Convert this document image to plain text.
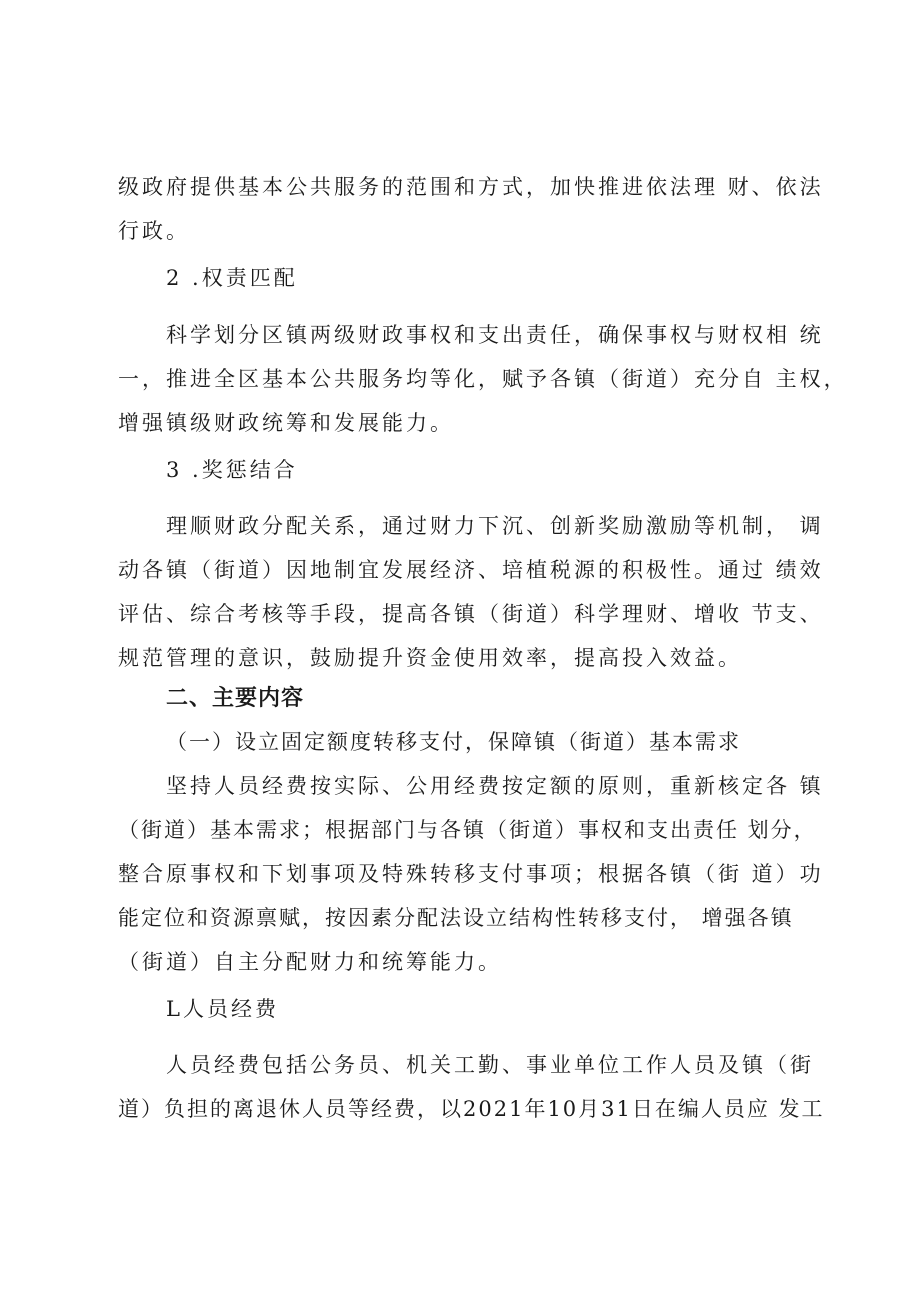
级政府提供基本公共服务的范围和方式，加快推进依法理 财、依法
行政。
2 .权责匹配
科学划分区镇两级财政事权和支出责任，确保事权与财权相 统
一，推进全区基本公共服务均等化，赋予各镇（街道）充分自 主权，
增强镇级财政统筹和发展能力。
3 .奖惩结合
理顺财政分配关系，通过财力下沉、创新奖励激励等机制， 调
动各镇（街道）因地制宜发展经济、培植税源的积极性。通过 绩效
评估、综合考核等手段，提高各镇（街道）科学理财、增收 节支、
规范管理的意识，鼓励提升资金使用效率，提高投入效益。
二、主要内容
（一）设立固定额度转移支付，保障镇（街道）基本需求
坚持人员经费按实际、公用经费按定额的原则，重新核定各 镇
（街道）基本需求；根据部门与各镇（街道）事权和支出责任 划分，
整合原事权和下划事项及特殊转移支付事项；根据各镇（街 道）功
能定位和资源禀赋，按因素分配法设立结构性转移支付， 增强各镇
（街道）自主分配财力和统筹能力。
L人员经费
人员经费包括公务员、机关工勤、事业单位工作人员及镇（街
道）负担的离退休人员等经费，以2021年10月31日在编人员应 发工
